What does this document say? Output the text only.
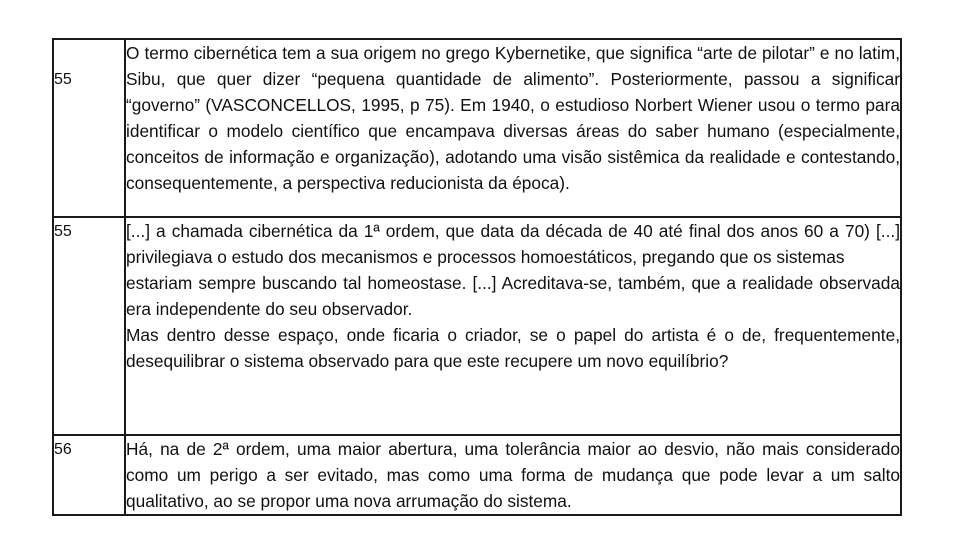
55	O termo cibernética tem a sua origem no grego Kybernetike, que significa “arte de pilotar” e no latim, Sibu, que quer dizer “pequena quantidade de alimento”. Posteriormente, passou a significar “governo” (VASCONCELLOS, 1995, p 75). Em 1940, o estudioso Norbert Wiener usou o termo para identificar o modelo científico que encampava diversas áreas do saber humano (especialmente, conceitos de informação e organização), adotando uma visão sistêmica da realidade e contestando, consequentemente, a perspectiva reducionista da época).

55	[...] a chamada cibernética da 1ª ordem, que data da década de 40 até final dos anos 60 a 70) [...] privilegiava o estudo dos mecanismos e processos homoestáticos, pregando que os sistemas

estariam sempre buscando tal homeostase. [...] Acreditava-se, também, que a realidade observada era independente do seu observador.

Mas dentro desse espaço, onde ficaria o criador, se o papel do artista é o de, frequentemente, desequilibrar o sistema observado para que este recupere um novo equilíbrio?

56	Há, na de 2ª ordem, uma maior abertura, uma tolerância maior ao desvio, não mais considerado como um perigo a ser evitado, mas como uma forma de mudança que pode levar a um salto qualitativo, ao se propor uma nova arrumação do sistema.
